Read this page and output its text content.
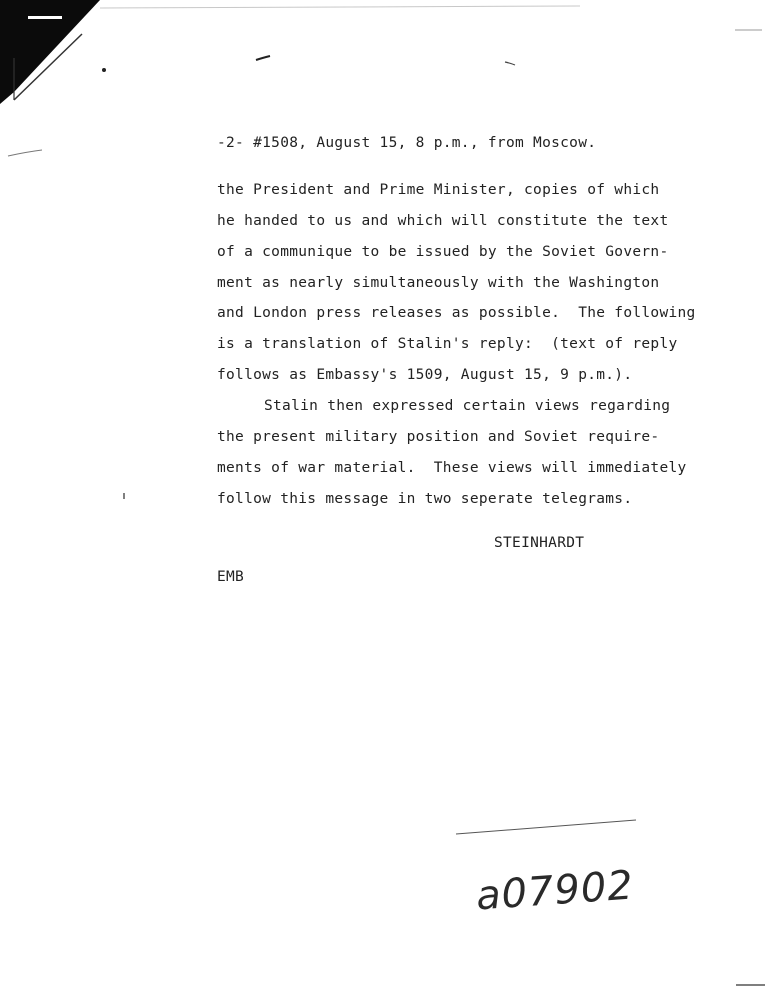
-2- #1508, August 15, 8 p.m., from Moscow.
the President and Prime Minister, copies of which
he handed to us and which will constitute the text
of a communique to be issued by the Soviet Govern-
ment as nearly simultaneously with the Washington
and London press releases as possible.  The following
is a translation of Stalin's reply:  (text of reply
follows as Embassy's 1509, August 15, 9 p.m.).
Stalin then expressed certain views regarding
the present military position and Soviet require-
ments of war material.  These views will immediately
follow this message in two seperate telegrams.
STEINHARDT
EMB
a07902
